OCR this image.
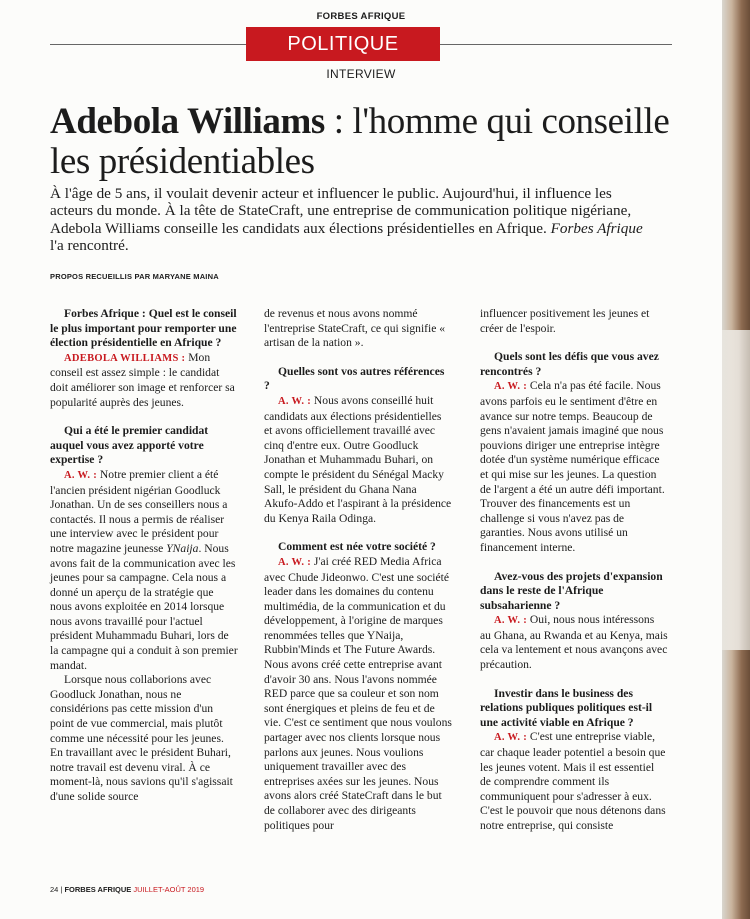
FORBES AFRIQUE
POLITIQUE
INTERVIEW
Adebola Williams : l'homme qui conseille les présidentiables

À l'âge de 5 ans, il voulait devenir acteur et influencer le public. Aujourd'hui, il influence les acteurs du monde. À la tête de StateCraft, une entreprise de communication politique nigériane, Adebola Williams conseille les candidats aux élections présidentielles en Afrique. Forbes Afrique l'a rencontré.

PROPOS RECUEILLIS PAR MARYANE MAINA

Forbes Afrique : Quel est le conseil le plus important pour remporter une élection présidentielle en Afrique ?

ADEBOLA WILLIAMS : Mon conseil est assez simple : le candidat doit améliorer son image et renforcer sa popularité auprès des jeunes.

Qui a été le premier candidat auquel vous avez apporté votre expertise ?

A. W. : Notre premier client a été l'ancien président nigérian Goodluck Jonathan. Un de ses conseillers nous a contactés. Il nous a permis de réaliser une interview avec le président pour notre magazine jeunesse YNaija. Nous avons fait de la communication avec les jeunes pour sa campagne. Cela nous a donné un aperçu de la stratégie que nous avons exploitée en 2014 lorsque nous avons travaillé pour l'actuel président Muhammadu Buhari, lors de la campagne qui a conduit à son premier mandat.

Lorsque nous collaborions avec Goodluck Jonathan, nous ne considérions pas cette mission d'un point de vue commercial, mais plutôt comme une nécessité pour les jeunes. En travaillant avec le président Buhari, notre travail est devenu viral. À ce moment-là, nous savions qu'il s'agissait d'une solide source

de revenus et nous avons nommé l'entreprise StateCraft, ce qui signifie « artisan de la nation ».

Quelles sont vos autres références ?

A. W. : Nous avons conseillé huit candidats aux élections présidentielles et avons officiellement travaillé avec cinq d'entre eux. Outre Goodluck Jonathan et Muhammadu Buhari, on compte le président du Sénégal Macky Sall, le président du Ghana Nana Akufo-Addo et l'aspirant à la présidence du Kenya Raila Odinga.

Comment est née votre société ?

A. W. : J'ai créé RED Media Africa avec Chude Jideonwo. C'est une société leader dans les domaines du contenu multimédia, de la communication et du développement, à l'origine de marques renommées telles que YNaija, Rubbin'Minds et The Future Awards. Nous avons créé cette entreprise avant d'avoir 30 ans. Nous l'avons nommée RED parce que sa couleur et son nom sont énergiques et pleins de feu et de vie. C'est ce sentiment que nous voulons partager avec nos clients lorsque nous parlons aux jeunes. Nous voulions uniquement travailler avec des entreprises axées sur les jeunes. Nous avons alors créé StateCraft dans le but de collaborer avec des dirigeants politiques pour

influencer positivement les jeunes et créer de l'espoir.

Quels sont les défis que vous avez rencontrés ?

A. W. : Cela n'a pas été facile. Nous avons parfois eu le sentiment d'être en avance sur notre temps. Beaucoup de gens n'avaient jamais imaginé que nous pouvions diriger une entreprise intègre dotée d'un système numérique efficace et qui mise sur les jeunes. La question de l'argent a été un autre défi important. Trouver des financements est un challenge si vous n'avez pas de garanties. Nous avons utilisé un financement interne.

Avez-vous des projets d'expansion dans le reste de l'Afrique subsaharienne ?

A. W. : Oui, nous nous intéressons au Ghana, au Rwanda et au Kenya, mais cela va lentement et nous avançons avec précaution.

Investir dans le business des relations publiques politiques est-il une activité viable en Afrique ?

A. W. : C'est une entreprise viable, car chaque leader potentiel a besoin que les jeunes votent. Mais il est essentiel de comprendre comment ils communiquent pour s'adresser à eux. C'est le pouvoir que nous détenons dans notre entreprise, qui consiste

24 | FORBES AFRIQUE JUILLET-AOÛT 2019
